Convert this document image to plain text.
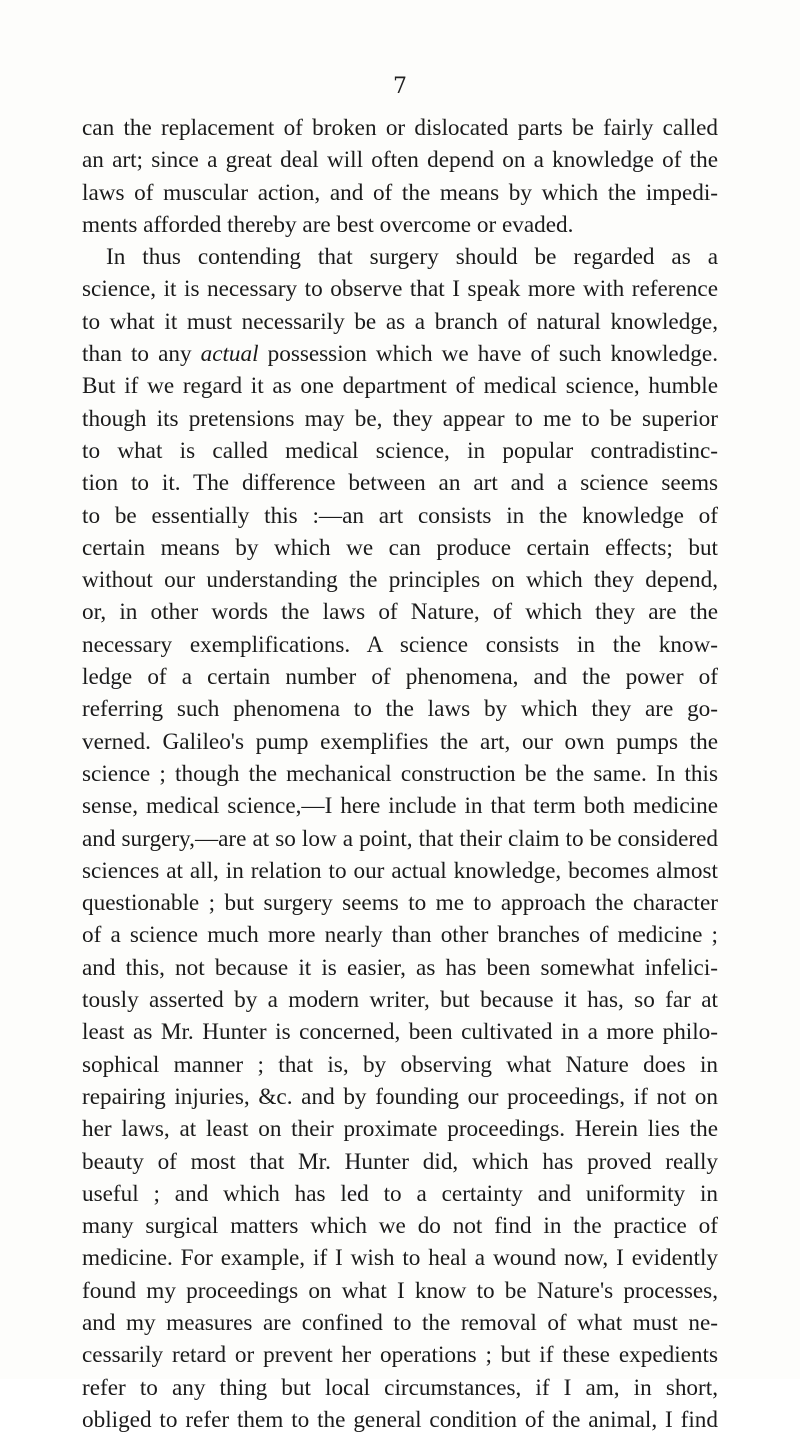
7
can the replacement of broken or dislocated parts be fairly called
an art; since a great deal will often depend on a knowledge of the
laws of muscular action, and of the means by which the impedi-
ments afforded thereby are best overcome or evaded.
In thus contending that surgery should be regarded as a
science, it is necessary to observe that I speak more with reference
to what it must necessarily be as a branch of natural knowledge,
than to any actual possession which we have of such knowledge.
But if we regard it as one department of medical science, humble
though its pretensions may be, they appear to me to be superior
to what is called medical science, in popular contradistinc-
tion to it. The difference between an art and a science seems
to be essentially this :—an art consists in the knowledge of
certain means by which we can produce certain effects; but
without our understanding the principles on which they depend,
or, in other words the laws of Nature, of which they are the
necessary exemplifications. A science consists in the know-
ledge of a certain number of phenomena, and the power of
referring such phenomena to the laws by which they are go-
verned. Galileo's pump exemplifies the art, our own pumps the
science ; though the mechanical construction be the same. In this
sense, medical science,—I here include in that term both medicine
and surgery,—are at so low a point, that their claim to be considered
sciences at all, in relation to our actual knowledge, becomes almost
questionable ; but surgery seems to me to approach the character
of a science much more nearly than other branches of medicine ;
and this, not because it is easier, as has been somewhat infelici-
tously asserted by a modern writer, but because it has, so far at
least as Mr. Hunter is concerned, been cultivated in a more philo-
sophical manner ; that is, by observing what Nature does in
repairing injuries, &c. and by founding our proceedings, if not on
her laws, at least on their proximate proceedings. Herein lies the
beauty of most that Mr. Hunter did, which has proved really
useful ; and which has led to a certainty and uniformity in
many surgical matters which we do not find in the practice of
medicine. For example, if I wish to heal a wound now, I evidently
found my proceedings on what I know to be Nature's processes,
and my measures are confined to the removal of what must ne-
cessarily retard or prevent her operations ; but if these expedients
refer to any thing but local circumstances, if I am, in short,
obliged to refer them to the general condition of the animal, I find
